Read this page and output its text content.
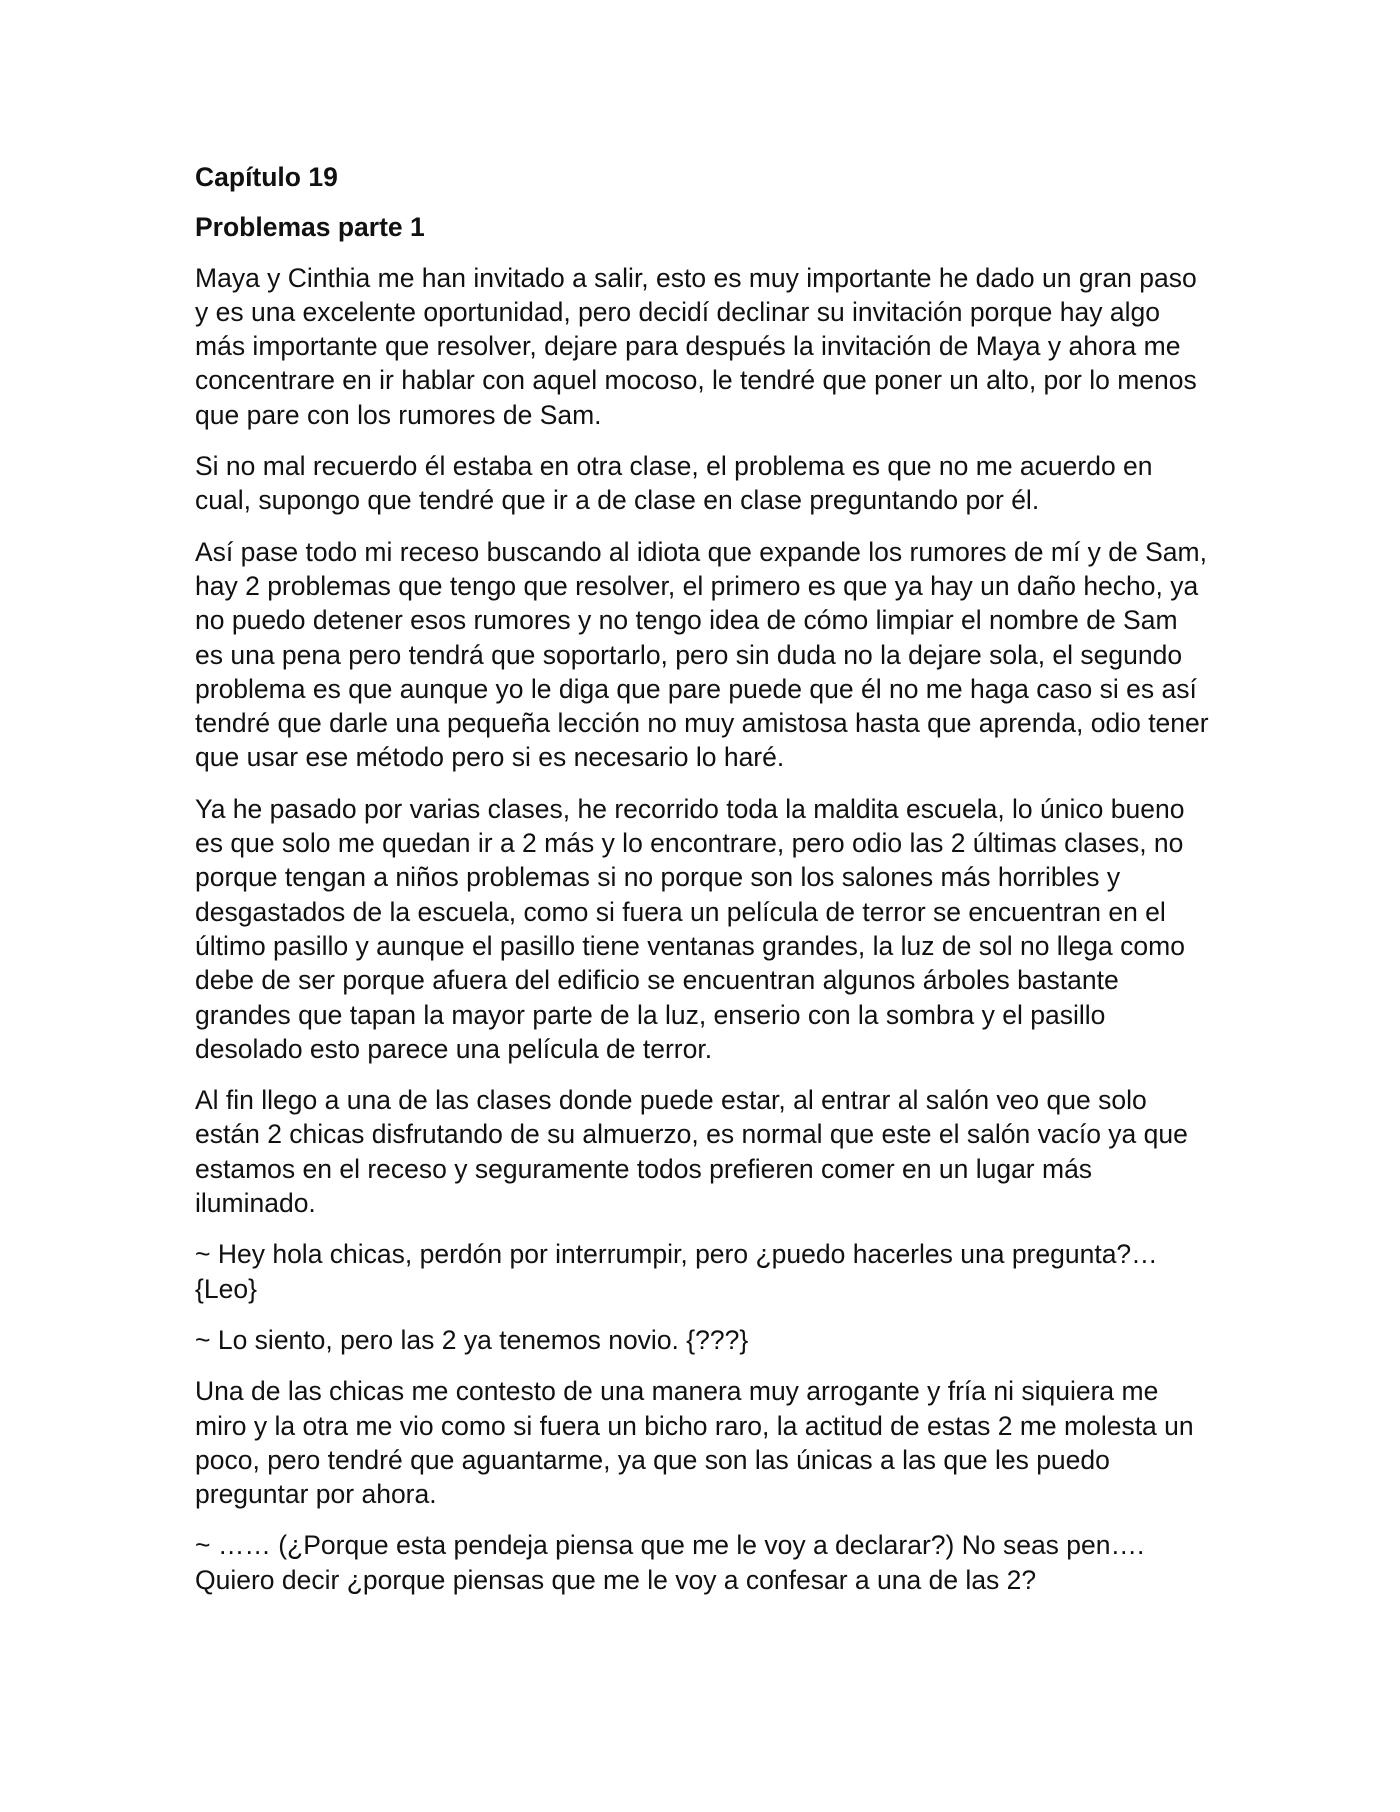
Capítulo 19
Problemas parte 1

Maya y Cinthia me han invitado a salir, esto es muy importante he dado un gran paso y es una excelente oportunidad, pero decidí declinar su invitación porque hay algo más importante que resolver, dejare para después la invitación de Maya y ahora me concentrare en ir hablar con aquel mocoso, le tendré que poner un alto, por lo menos que pare con los rumores de Sam.

Si no mal recuerdo él estaba en otra clase, el problema es que no me acuerdo en cual, supongo que tendré que ir a de clase en clase preguntando por él.

Así pase todo mi receso buscando al idiota que expande los rumores de mí y de Sam, hay 2 problemas que tengo que resolver, el primero es que ya hay un daño hecho, ya no puedo detener esos rumores y no tengo idea de cómo limpiar el nombre de Sam es una pena pero tendrá que soportarlo, pero sin duda no la dejare sola, el segundo problema es que aunque yo le diga que pare puede que él no me haga caso si es así tendré que darle una pequeña lección no muy amistosa hasta que aprenda, odio tener que usar ese método pero si es necesario lo haré.

Ya he pasado por varias clases, he recorrido toda la maldita escuela, lo único bueno es que solo me quedan ir a 2 más y lo encontrare, pero odio las 2 últimas clases, no porque tengan a niños problemas si no porque son los salones más horribles y desgastados de la escuela, como si fuera un película de terror se encuentran en el último pasillo y aunque el pasillo tiene ventanas grandes, la luz de sol no llega como debe de ser porque afuera del edificio se encuentran algunos árboles bastante grandes que tapan la mayor parte de la luz, enserio con la sombra y el pasillo desolado esto parece una película de terror.

Al fin llego a una de las clases donde puede estar, al entrar al salón veo que solo están 2 chicas disfrutando de su almuerzo, es normal que este el salón vacío ya que estamos en el receso y seguramente todos prefieren comer en un lugar más iluminado.

~ Hey hola chicas, perdón por interrumpir, pero ¿puedo hacerles una pregunta?… {Leo}

~ Lo siento, pero las 2 ya tenemos novio. {???}

Una de las chicas me contesto de una manera muy arrogante y fría ni siquiera me miro y la otra me vio como si fuera un bicho raro, la actitud de estas 2 me molesta un poco, pero tendré que aguantarme, ya que son las únicas a las que les puedo preguntar por ahora.

~ …… (¿Porque esta pendeja piensa que me le voy a declarar?) No seas pen…. Quiero decir ¿porque piensas que me le voy a confesar a una de las 2?
